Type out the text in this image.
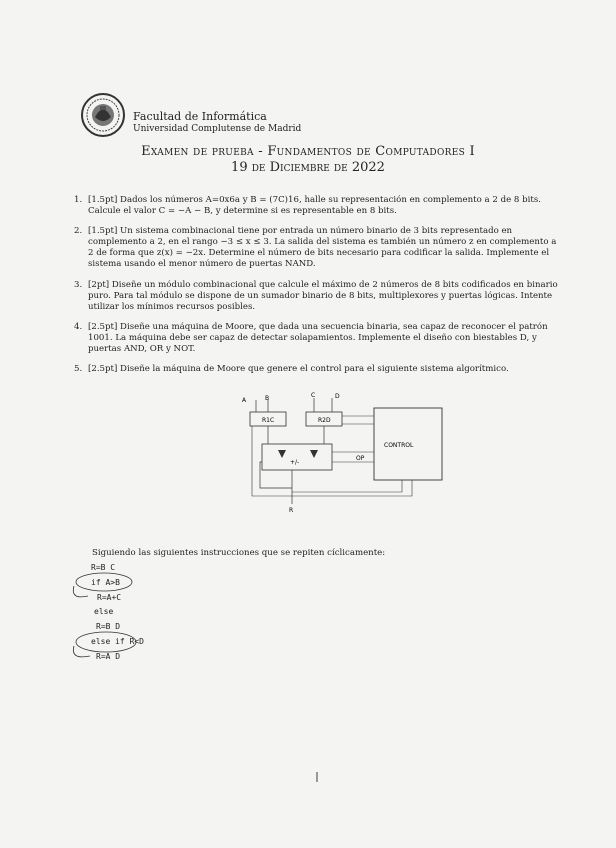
Facultad de Informática
Universidad Complutense de Madrid
Examen de prueba - Fundamentos de Computadores I
19 de Diciembre de 2022
1. [1.5pt] Dados los números A=0x6a y B = (7C)16, halle su representación en complemento a 2 de 8 bits. Calcule el valor C = −A − B, y determine si es representable en 8 bits.
2. [1.5pt] Un sistema combinacional tiene por entrada un número binario de 3 bits representado en complemento a 2, en el rango −3 ≤ x ≤ 3. La salida del sistema es también un número z en complemento a 2 de forma que z(x) = −2x. Determine el número de bits necesario para codificar la salida. Implemente el sistema usando el menor número de puertas NAND.
3. [2pt] Diseñe un módulo combinacional que calcule el máximo de 2 números de 8 bits codificados en binario puro. Para tal módulo se dispone de un sumador binario de 8 bits, multiplexores y puertas lógicas. Intente utilizar los mínimos recursos posibles.
4. [2.5pt] Diseñe una máquina de Moore, que dada una secuencia binaria, sea capaz de reconocer el patrón 1001. La máquina debe ser capaz de detectar solapamientos. Implemente el diseño con biestables D, y puertas AND, OR y NOT.
5. [2.5pt] Diseñe la máquina de Moore que genere el control para el siguiente sistema algorítmico.
R1C	R2D
A	B	C	D
+/-
R
CONTROL
OP
Siguiendo las siguientes instrucciones que se repiten cíclicamente:
R=B C
if A>B
R=A+C
else
R=B D
else if R<D
R=A D
